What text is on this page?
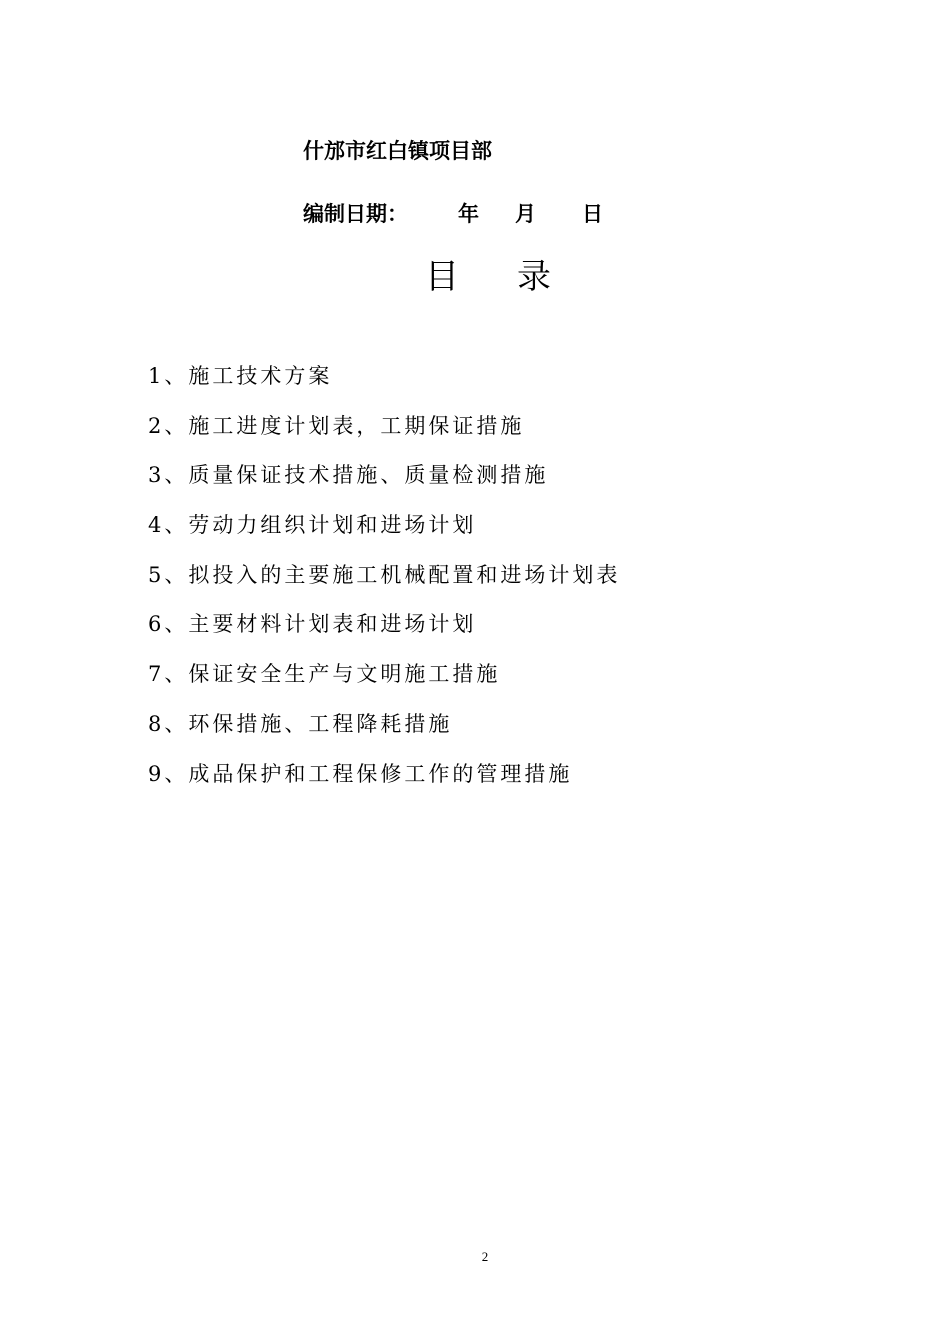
什邡市红白镇项目部
编制日期： 年 月 日
目 录
1、施工技术方案
2、施工进度计划表，工期保证措施
3、质量保证技术措施、质量检测措施
4、劳动力组织计划和进场计划
5、拟投入的主要施工机械配置和进场计划表
6、主要材料计划表和进场计划
7、保证安全生产与文明施工措施
8、环保措施、工程降耗措施
9、成品保护和工程保修工作的管理措施
2
